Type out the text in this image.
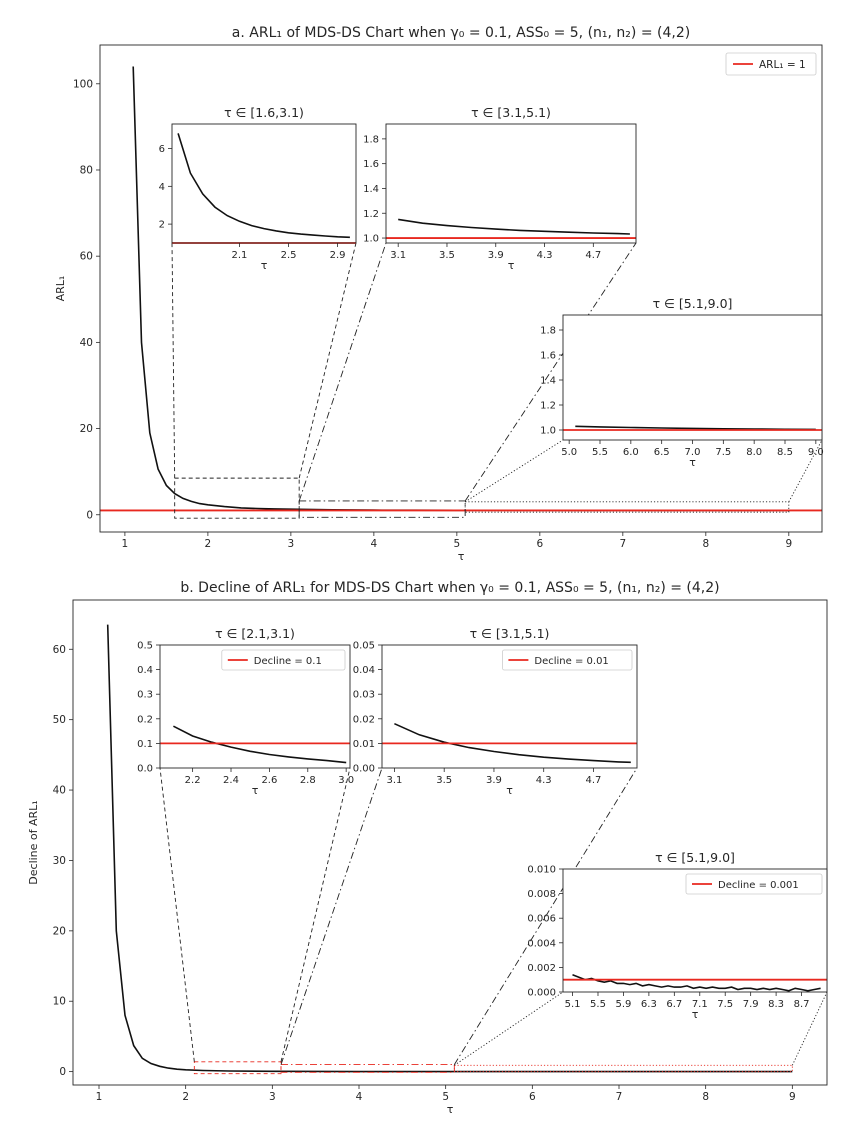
1	2	3	4	5	6	7	8	9
0
20
40
60
80
100
a. ARL₁ of MDS-DS Chart when γ₀ = 0.1, ASS₀ = 5, (n₁, n₂) = (4,2)
τ
ARL₁
ARL₁ = 1
2.1	2.5	2.9
2
4
6
τ ∈ [1.6,3.1)
τ
3.1	3.5	3.9	4.3	4.7
1.0
1.2
1.4
1.6
1.8
τ ∈ [3.1,5.1)
τ
5.0 5.5 6.0 6.5 7.0 7.5 8.0 8.5 9.0
1.0
1.2
1.4
1.6
1.8
τ ∈ [5.1,9.0]
τ
1	2	3	4	5	6	7	8	9
0
10
20
30
40
50
60
b. Decline of ARL₁ for MDS-DS Chart when γ₀ = 0.1, ASS₀ = 5, (n₁, n₂) = (4,2)
τ
Decline of ARL₁
2.2 2.4 2.6 2.8 3.0
0.0
0.1
0.2
0.3
0.4
0.5
τ ∈ [2.1,3.1)
τ
Decline = 0.1
3.1	3.5	3.9	4.3	4.7
0.00
0.01
0.02
0.03
0.04
0.05
τ ∈ [3.1,5.1)
τ
Decline = 0.01
5.1 5.5 5.9 6.3 6.7 7.1 7.5 7.9 8.3 8.7
0.000
0.002
0.004
0.006
0.008
0.010
τ ∈ [5.1,9.0]
τ
Decline = 0.001
